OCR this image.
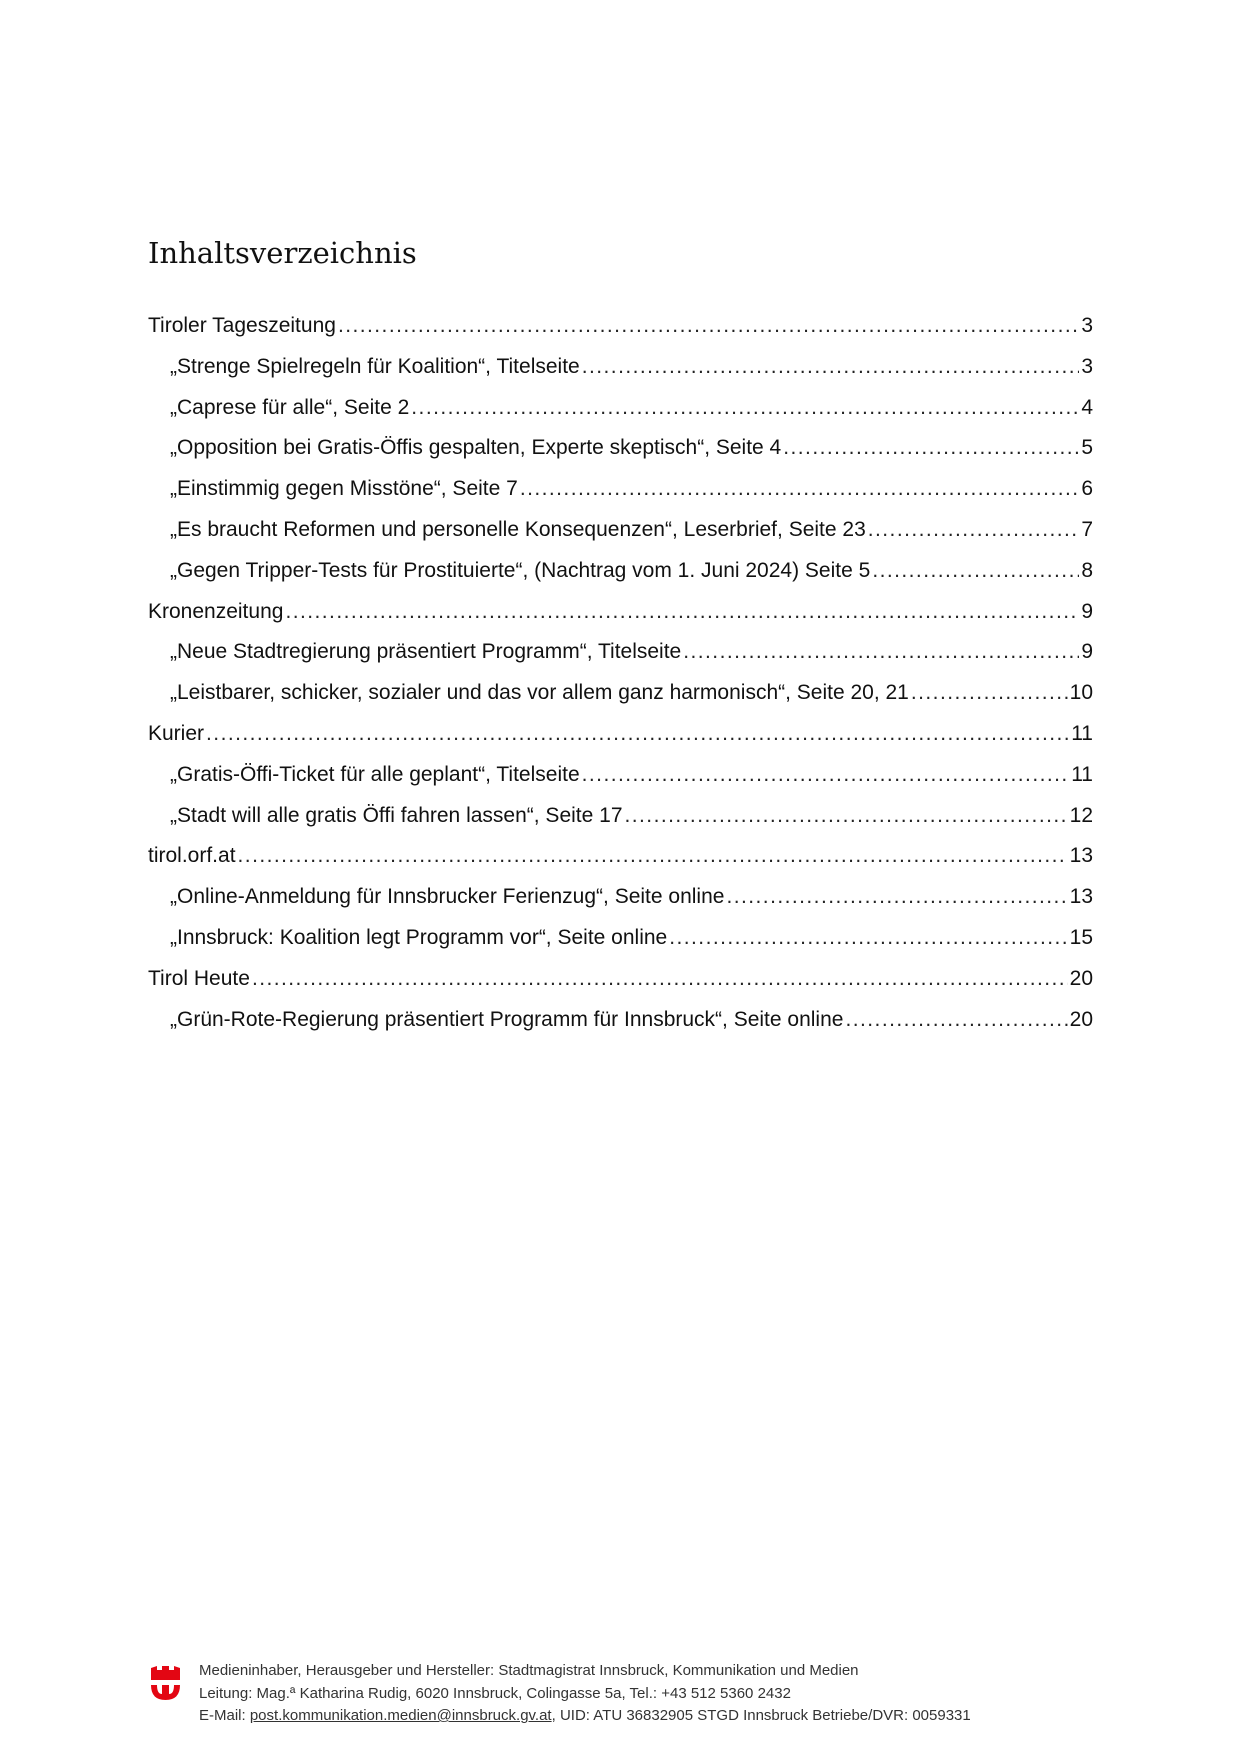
Inhaltsverzeichnis
Tiroler Tageszeitung . . .	3
„Strenge Spielregeln für Koalition“, Titelseite . . .	3
„Caprese für alle“, Seite 2 . . .	4
„Opposition bei Gratis-Öffis gespalten, Experte skeptisch“, Seite 4 . . .	5
„Einstimmig gegen Misstöne“, Seite 7 . . .	6
„Es braucht Reformen und personelle Konsequenzen“, Leserbrief, Seite 23 . . .	7
„Gegen Tripper-Tests für Prostituierte“, (Nachtrag vom 1. Juni 2024) Seite 5 . . .	8
Kronenzeitung . . .	9
„Neue Stadtregierung präsentiert Programm“, Titelseite . . .	9
„Leistbarer, schicker, sozialer und das vor allem ganz harmonisch“, Seite 20, 21 . . .	10
Kurier . . .	11
„Gratis-Öffi-Ticket für alle geplant“, Titelseite . . .	11
„Stadt will alle gratis Öffi fahren lassen“, Seite 17 . . .	12
tirol.orf.at . . .	13
„Online-Anmeldung für Innsbrucker Ferienzug“, Seite online . . .	13
„Innsbruck: Koalition legt Programm vor“, Seite online . . .	15
Tirol Heute . . .	20
„Grün-Rote-Regierung präsentiert Programm für Innsbruck“, Seite online . . .	20
Medieninhaber, Herausgeber und Hersteller: Stadtmagistrat Innsbruck, Kommunikation und Medien
Leitung: Mag.ª Katharina Rudig, 6020 Innsbruck, Colingasse 5a, Tel.: +43 512 5360 2432
E-Mail: post.kommunikation.medien@innsbruck.gv.at, UID: ATU 36832905 STGD Innsbruck Betriebe/DVR: 0059331
